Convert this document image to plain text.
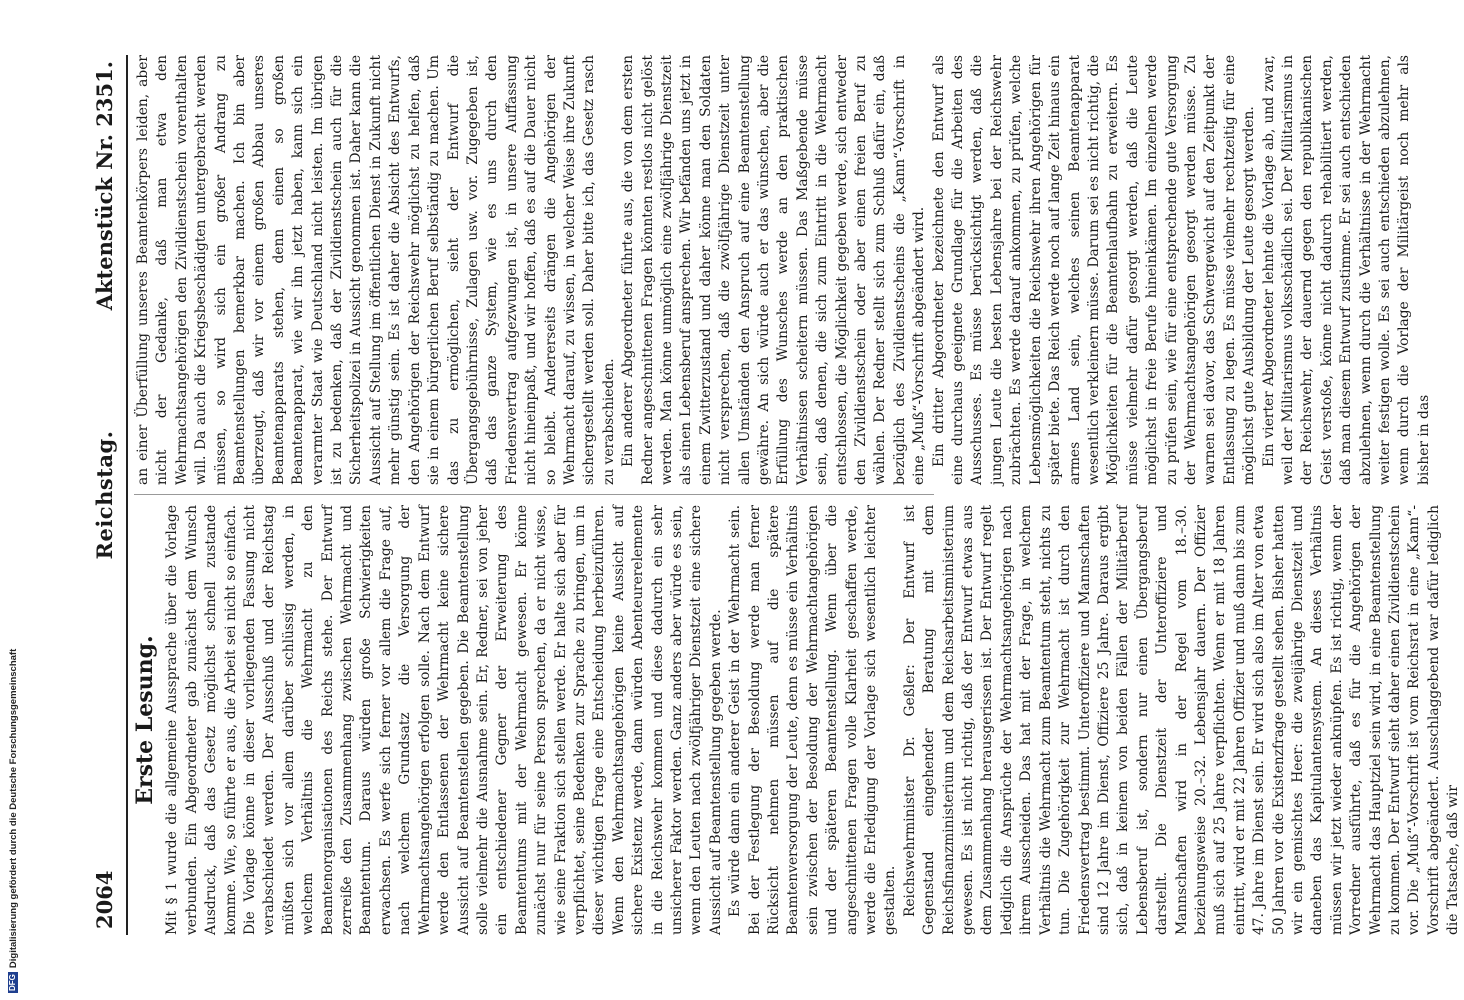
DFGDigitalisierung gefördert durch die Deutsche Forschungsgemeinschaft	2064
Reichstag.
Aktenstück Nr. 2351.
Erste Lesung. Mit § 1 wurde die allgemeine Aussprache über die Vorlage verbunden. Ein Abgeordneter gab zunächst dem Wunsch Ausdruck, daß das Gesetz möglichst schnell zustande komme. Wie, so führte er aus, die Arbeit sei nicht so einfach. Die Vorlage könne in dieser vorliegenden Fassung nicht verabschiedet werden. Der Ausschuß und der Reichstag müßten sich vor allem darüber schlüssig werden, in welchem Verhältnis die Wehrmacht zu den Beamtenorganisationen des Reichs stehe. Der Entwurf zerreiße den Zusammenhang zwischen Wehrmacht und Beamtentum. Daraus würden große Schwierigkeiten erwachsen. Es werfe sich ferner vor allem die Frage auf, nach welchem Grundsatz die Versorgung der Wehrmachtsangehörigen erfolgen solle. Nach dem Entwurf werde den Entlassenen der Wehrmacht keine sichere Aussicht auf Beamtenstellen gegeben. Die Beamtenstellung solle vielmehr die Ausnahme sein. Er, Redner, sei von jeher ein entschiedener Gegner der Erweiterung des Beamtentums mit der Wehrmacht gewesen. Er könne zunächst nur für seine Person sprechen, da er nicht wisse, wie seine Fraktion sich stellen werde. Er halte sich aber für verpflichtet, seine Bedenken zur Sprache zu bringen, um in dieser wichtigen Frage eine Entscheidung herbeizuführen. Wenn den Wehrmachtsangehörigen keine Aussicht auf sichere Existenz werde, dann würden Abenteurerelemente in die Reichswehr kommen und diese dadurch ein sehr unsicherer Faktor werden. Ganz anders aber würde es sein, wenn den Leuten nach zwölfjähriger Dienstzeit eine sichere Aussicht auf Beamtenstellung gegeben werde. Es würde dann ein anderer Geist in der Wehrmacht sein. Bei der Festlegung der Besoldung werde man ferner Rücksicht nehmen müssen auf die spätere Beamtenversorgung der Leute, denn es müsse ein Verhältnis sein zwischen der Besoldung der Wehrmachtangehörigen und der späteren Beamtenstellung. Wenn über die angeschnittenen Fragen volle Klarheit geschaffen werde, werde die Erledigung der Vorlage sich wesentlich leichter gestalten. Reichswehrminister Dr. Geßler: Der Entwurf ist Gegenstand eingehender Beratung mit dem Reichsfinanzministerium und dem Reichsarbeitsministerium gewesen. Es ist nicht richtig, daß der Entwurf etwas aus dem Zusammenhang herausgerissen ist. Der Entwurf regelt lediglich die Ansprüche der Wehrmachtsangehörigen nach ihrem Ausscheiden. Das hat mit der Frage, in welchem Verhältnis die Wehrmacht zum Beamtentum steht, nichts zu tun. Die Zugehörigkeit zur Wehrmacht ist durch den Friedensvertrag bestimmt. Unteroffiziere und Mannschaften sind 12 Jahre im Dienst, Offiziere 25 Jahre. Daraus ergibt sich, daß in keinem von beiden Fällen der Militärberuf Lebensberuf ist, sondern nur einen Übergangsberuf darstellt. Die Dienstzeit der Unteroffiziere und Mannschaften wird in der Regel vom 18.–30. beziehungsweise 20.–32. Lebensjahr dauern. Der Offizier muß sich auf 25 Jahre verpflichten. Wenn er mit 18 Jahren eintritt, wird er mit 22 Jahren Offizier und muß dann bis zum 47. Jahre im Dienst sein. Er wird sich also im Alter von etwa 50 Jahren vor die Existenzfrage gestellt sehen. Bisher hatten wir ein gemischtes Heer: die zweijährige Dienstzeit und daneben das Kapitulantensystem. An dieses Verhältnis müssen wir jetzt wieder anknüpfen. Es ist richtig, wenn der Vorredner ausführte, daß es für die Angehörigen der Wehrmacht das Hauptziel sein wird, in eine Beamtenstellung zu kommen. Der Entwurf sieht daher einen Zivildienstschein vor. Die „Muß“-Vorschrift ist vom Reichsrat in eine „Kann“-Vorschrift abgeändert. Ausschlaggebend war dafür lediglich die Tatsache, daß wir

an einer Überfüllung unseres Beamtenkörpers leiden, aber nicht der Gedanke, daß man etwa den Wehrmachtsangehörigen den Zivildienstschein vorenthalten will. Da auch die Kriegsbeschädigten untergebracht werden müssen, so wird sich ein großer Andrang zu Beamtenstellungen bemerkbar machen. Ich bin aber überzeugt, daß wir vor einem großen Abbau unseres Beamtenapparats stehen, denn einen so großen Beamtenapparat, wie wir ihn jetzt haben, kann sich ein verarmter Staat wie Deutschland nicht leisten. Im übrigen ist zu bedenken, daß der Zivildienstschein auch für die Sicherheitspolizei in Aussicht genommen ist. Daher kann die Aussicht auf Stellung im öffentlichen Dienst in Zukunft nicht mehr günstig sein. Es ist daher die Absicht des Entwurfs, den Angehörigen der Reichswehr möglichst zu helfen, daß sie in einem bürgerlichen Beruf selbständig zu machen. Um das zu ermöglichen, sieht der Entwurf die Übergangsgebührnisse, Zulagen usw. vor. Zugegeben ist, daß das ganze System, wie es uns durch den Friedensvertrag aufgezwungen ist, in unsere Auffassung nicht hineinpaßt, und wir hoffen, daß es auf die Dauer nicht so bleibt. Andererseits drängen die Angehörigen der Wehrmacht darauf, zu wissen, in welcher Weise ihre Zukunft sichergestellt werden soll. Daher bitte ich, das Gesetz rasch zu verabschieden. Ein anderer Abgeordneter führte aus, die von dem ersten Redner angeschnittenen Fragen könnten restlos nicht gelöst werden. Man könne unmöglich eine zwölfjährige Dienstzeit als einen Lebensberuf ansprechen. Wir befänden uns jetzt in einem Zwitterzustand und daher könne man den Soldaten nicht versprechen, daß die zwölfjährige Dienstzeit unter allen Umständen den Anspruch auf eine Beamtenstellung gewähre. An sich würde auch er das wünschen, aber die Erfüllung des Wunsches werde an den praktischen Verhältnissen scheitern müssen. Das Maßgebende müsse sein, daß denen, die sich zum Eintritt in die Wehrmacht entschlossen, die Möglichkeit gegeben werde, sich entweder den Zivildienstschein oder aber einen freien Beruf zu wählen. Der Redner stellt sich zum Schluß dafür ein, daß bezüglich des Zivildienstscheins die „Kann“-Vorschrift in eine „Muß“-Vorschrift abgeändert wird. Ein dritter Abgeordneter bezeichnete den Entwurf als eine durchaus geeignete Grundlage für die Arbeiten des Ausschusses. Es müsse berücksichtigt werden, daß die jungen Leute die besten Lebensjahre bei der Reichswehr zubrächten. Es werde darauf ankommen, zu prüfen, welche Lebensmöglichkeiten die Reichswehr ihren Angehörigen für später biete. Das Reich werde noch auf lange Zeit hinaus ein armes Land sein, welches seinen Beamtenapparat wesentlich verkleinern müsse. Darum sei es nicht richtig, die Möglichkeiten für die Beamtenlaufbahn zu erweitern. Es müsse vielmehr dafür gesorgt werden, daß die Leute möglichst in freie Berufe hineinkämen. Im einzelnen werde zu prüfen sein, wie für eine entsprechende gute Versorgung der Wehrmachtsangehörigen gesorgt werden müsse. Zu warnen sei davor, das Schwergewicht auf den Zeitpunkt der Entlassung zu legen. Es müsse vielmehr rechtzeitig für eine möglichst gute Ausbildung der Leute gesorgt werden. Ein vierter Abgeordneter lehnte die Vorlage ab, und zwar, weil der Militarismus volksschädlich sei. Der Militarismus in der Reichswehr, der dauernd gegen den republikanischen Geist verstoße, könne nicht dadurch rehabilitiert werden, daß man diesem Entwurf zustimme. Er sei auch entschieden abzulehnen, wenn durch die Verhältnisse in der Wehrmacht weiter festigen wolle. Es sei auch entschieden abzulehnen, wenn durch die Vorlage der Militärgeist noch mehr als bisher in das
